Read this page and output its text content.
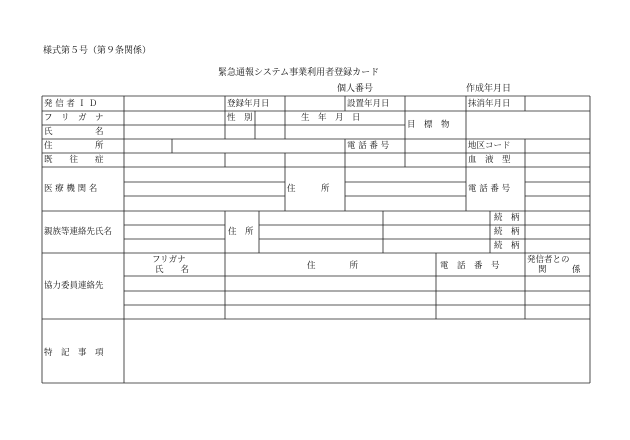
様式第５号（第９条関係）
緊急通報システム事業利用者登録カード
個人番号	作成年月日
発 信 者 Ｉ Ｄ	登録年月日	設置年月日	抹消年月日
フ　リ　ガ　ナ
氏　　　　　名
性　別	生　年　月　日
目　標　物
住　　　　　所	電 話 番 号	地区コード
既　　往　　症	血　液　型
医 療 機 関 名	住　　　所	電 話 番 号
親族等連絡先氏名	住　所
続　柄
続　柄
続　柄
協力委員連絡先
フリガナ
氏　　名	住　　　　所	電　話　番　号
発信者との
関　　　係
特　記　事　項
